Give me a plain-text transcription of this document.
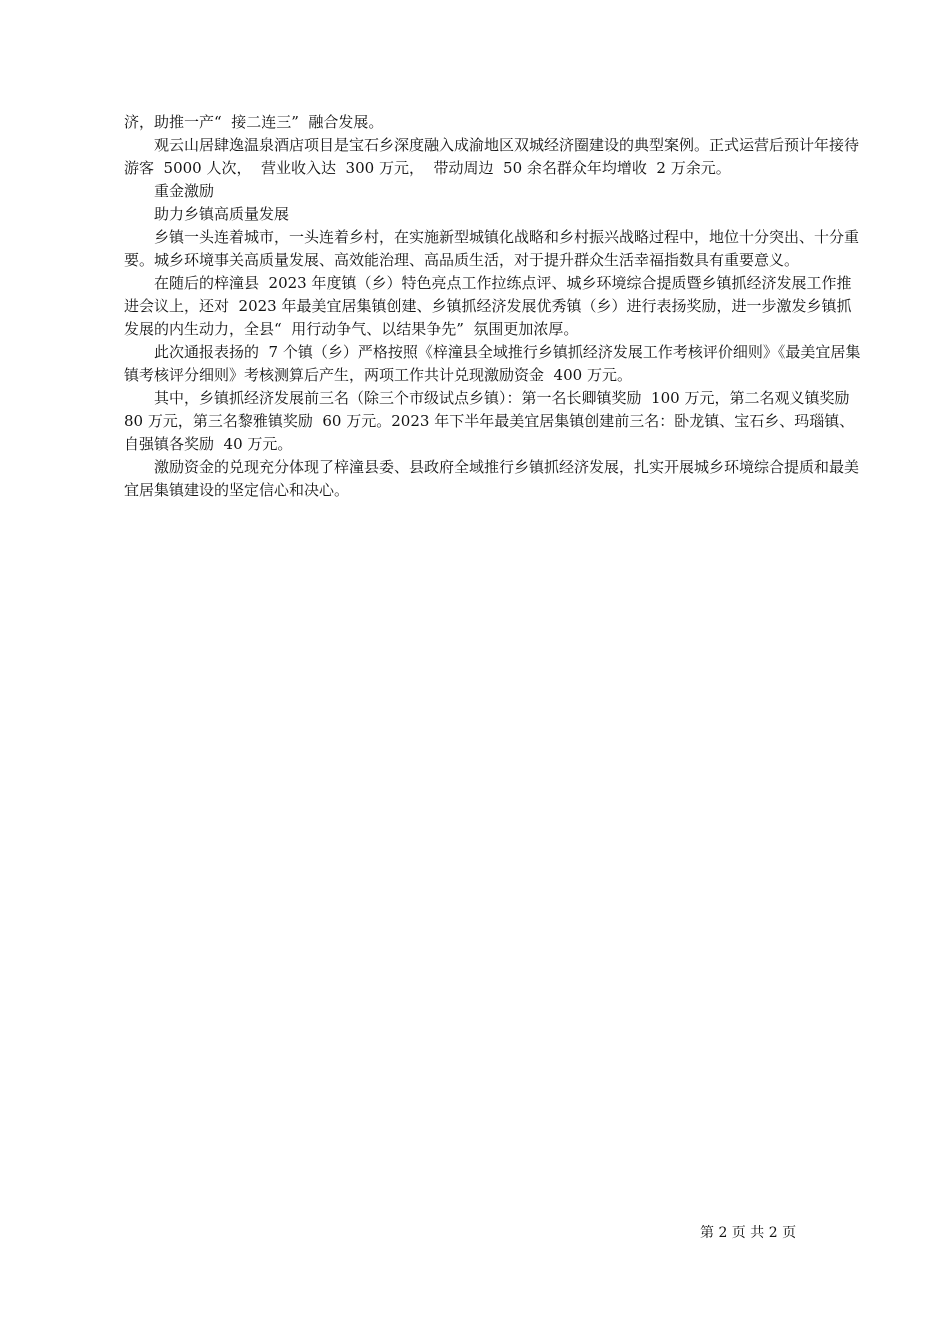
济，助推一产“  接二连三”  融合发展。

观云山居肆逸温泉酒店项目是宝石乡深度融入成渝地区双城经济圈建设的典型案例。正式运营后预计年接待游客  5000 人次，  营业收入达  300 万元，  带动周边  50 余名群众年均增收  2 万余元。

重金激励

助力乡镇高质量发展

乡镇一头连着城市，一头连着乡村，在实施新型城镇化战略和乡村振兴战略过程中，地位十分突出、十分重要。城乡环境事关高质量发展、高效能治理、高品质生活，对于提升群众生活幸福指数具有重要意义。

在随后的梓潼县  2023 年度镇（乡）特色亮点工作拉练点评、城乡环境综合提质暨乡镇抓经济发展工作推进会议上，还对  2023 年最美宜居集镇创建、乡镇抓经济发展优秀镇（乡）进行表扬奖励，进一步激发乡镇抓发展的内生动力，全县“  用行动争气、以结果争先”  氛围更加浓厚。

此次通报表扬的  7 个镇（乡）严格按照《梓潼县全域推行乡镇抓经济发展工作考核评价细则》《最美宜居集镇考核评分细则》考核测算后产生，两项工作共计兑现激励资金  400 万元。

其中，乡镇抓经济发展前三名（除三个市级试点乡镇）：第一名长卿镇奖励  100 万元，第二名观义镇奖励  80 万元，第三名黎雅镇奖励  60 万元。2023 年下半年最美宜居集镇创建前三名：卧龙镇、宝石乡、玛瑙镇、自强镇各奖励  40 万元。

激励资金的兑现充分体现了梓潼县委、县政府全域推行乡镇抓经济发展，扎实开展城乡环境综合提质和最美宜居集镇建设的坚定信心和决心。

第 2 页 共 2 页
